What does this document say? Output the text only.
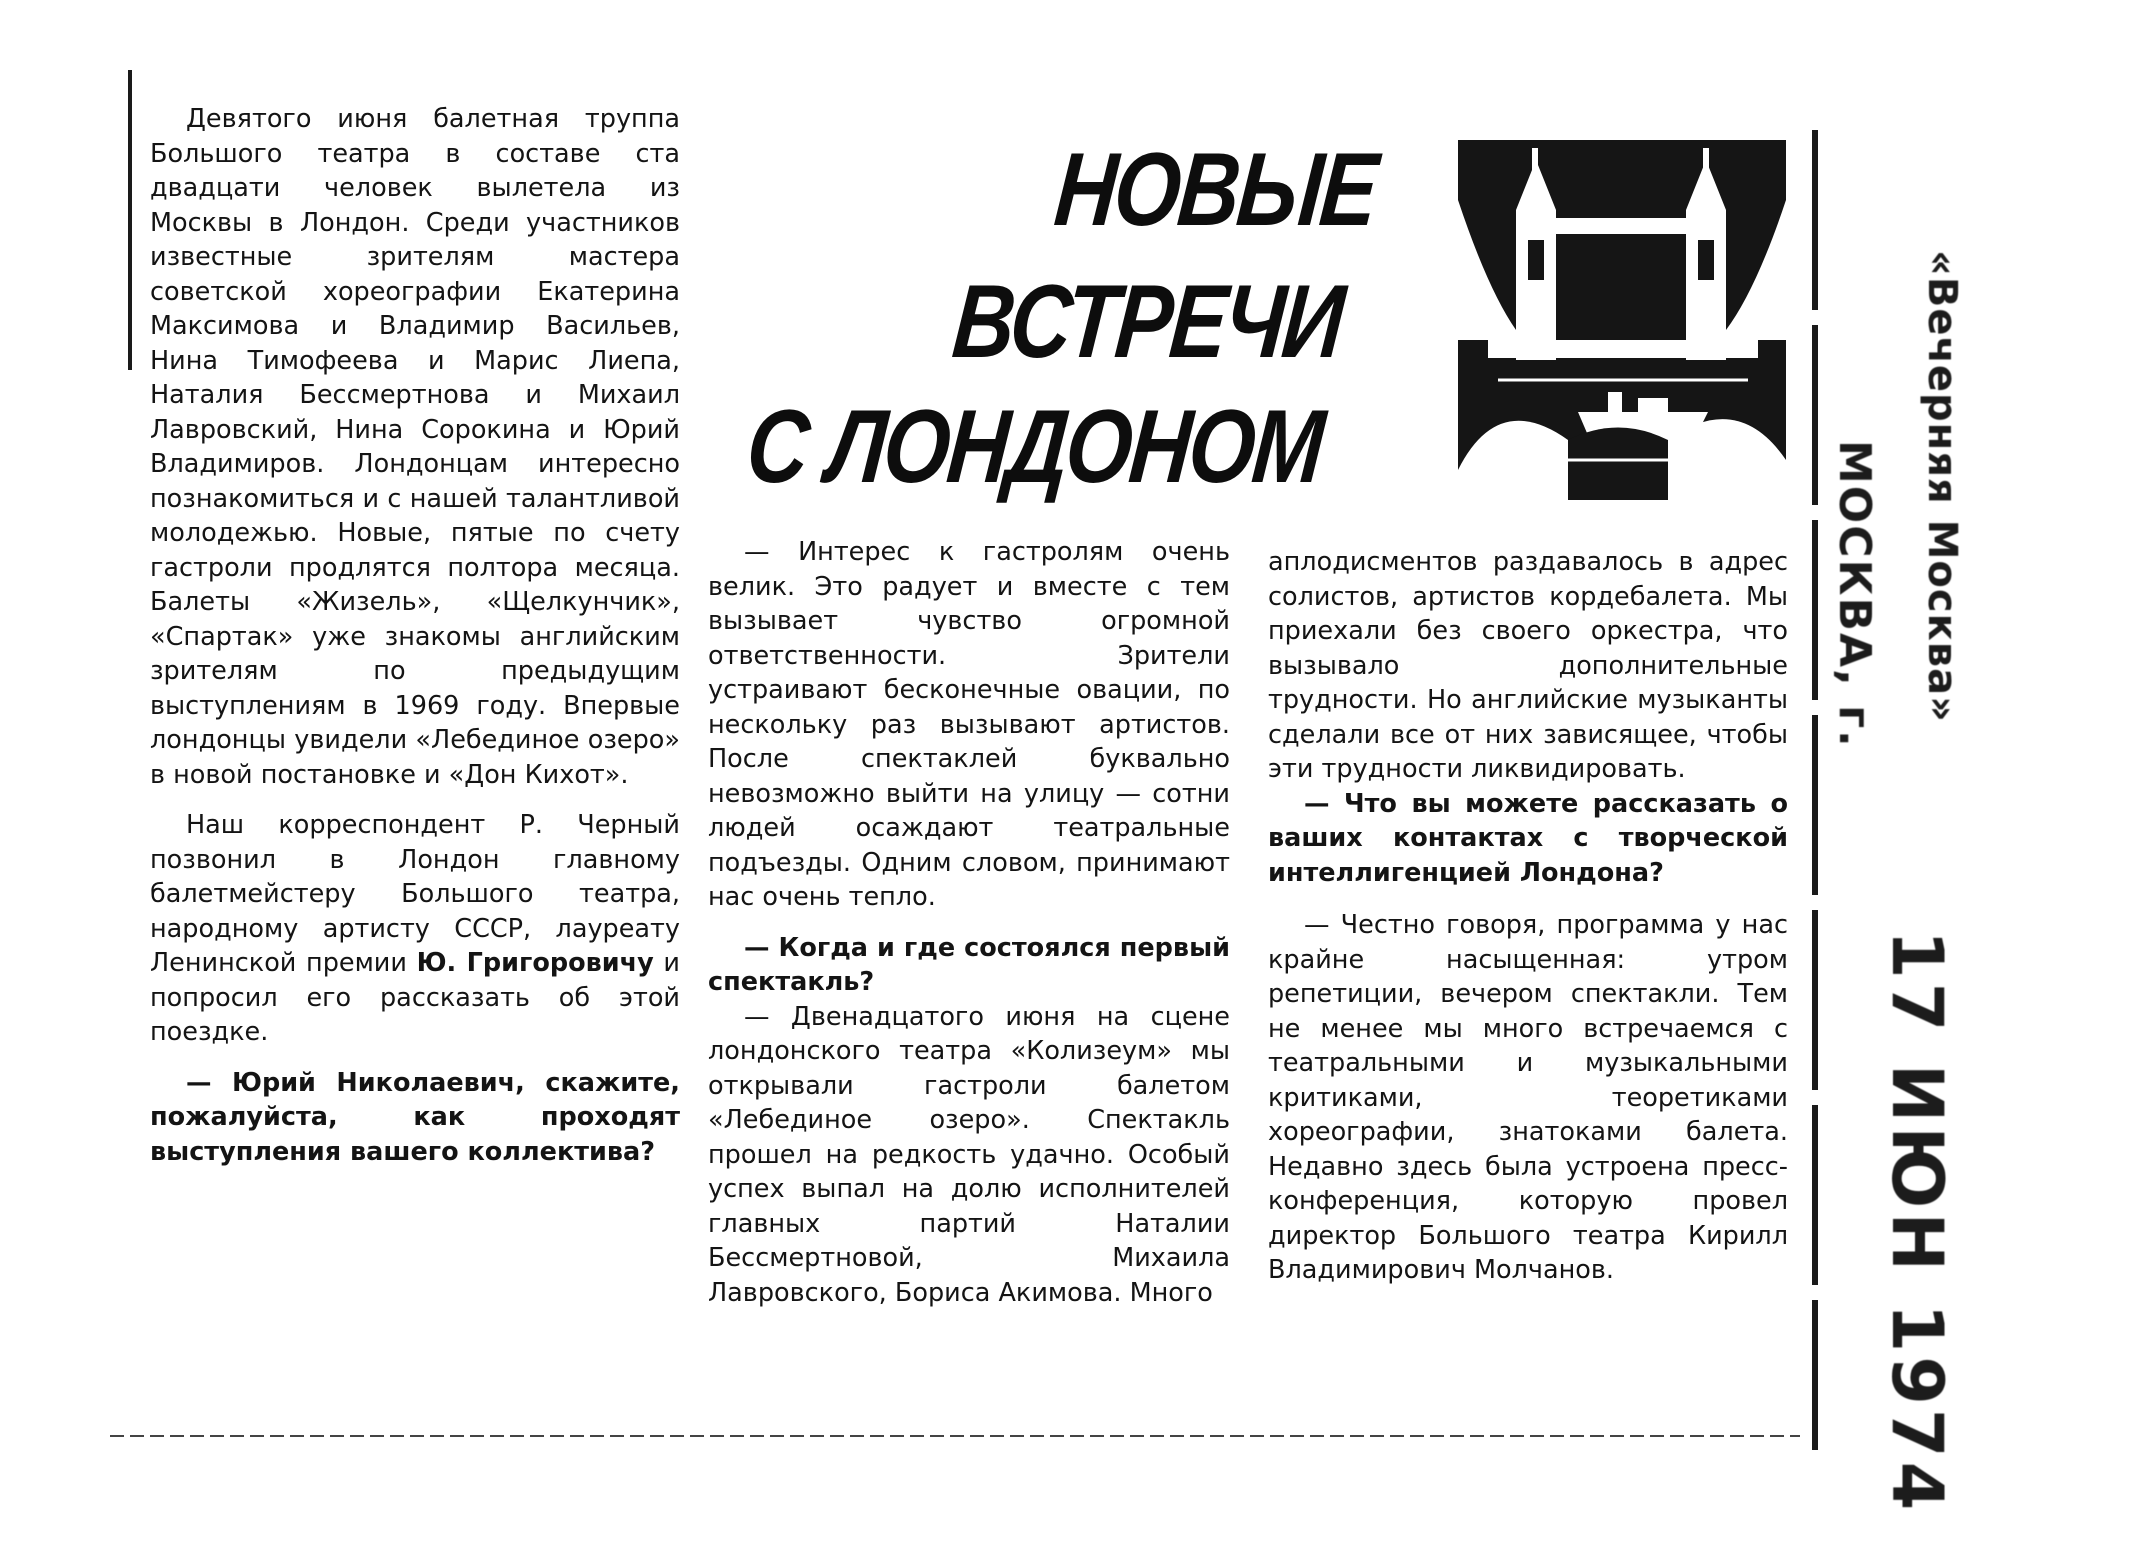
Девятого июня балетная труппа Большого театра в составе ста двадцати человек вылетела из Москвы в Лондон. Среди участников известные зрителям мастера советской хореографии Екатерина Максимова и Владимир Васильев, Нина Тимофеева и Марис Лиепа, Наталия Бессмертнова и Михаил Лавровский, Нина Сорокина и Юрий Владимиров. Лондонцам интересно познакомиться и с нашей талантливой молодежью. Новые, пятые по счету гастроли продлятся полтора месяца. Балеты «Жизель», «Щелкунчик», «Спартак» уже знакомы английским зрителям по предыдущим выступлениям в 1969 году. Впервые лондонцы увидели «Лебединое озеро» в новой постановке и «Дон Кихот».

Наш корреспондент Р. Черный позвонил в Лондон главному балетмейстеру Большого театра, народному артисту СССР, лауреату Ленинской премии Ю. Григоровичу и попросил его рассказать об этой поездке.

— Юрий Николаевич, скажите, пожалуйста, как проходят выступления вашего коллектива?

НОВЫЕ
ВСТРЕЧИ
С ЛОНДОНОМ

— Интерес к гастролям очень велик. Это радует и вместе с тем вызывает чувство огромной ответственности. Зрители устраивают бесконечные овации, по нескольку раз вызывают артистов. После спектаклей буквально невозможно выйти на улицу — сотни людей осаждают театральные подъезды. Одним словом, принимают нас очень тепло.

— Когда и где состоялся первый спектакль?

— Двенадцатого июня на сцене лондонского театра «Колизеум» мы открывали гастроли балетом «Лебединое озеро». Спектакль прошел на редкость удачно. Особый успех выпал на долю исполнителей главных партий Наталии Бессмертновой, Михаила Лавровского, Бориса Акимова. Много

аплодисментов раздавалось в адрес солистов, артистов кордебалета. Мы приехали без своего оркестра, что вызывало дополнительные трудности. Но английские музыканты сделали все от них зависящее, чтобы эти трудности ликвидировать.

— Что вы можете рассказать о ваших контактах с творческой интеллигенцией Лондона?

— Честно говоря, программа у нас крайне насыщенная: утром репетиции, вечером спектакли. Тем не менее мы много встречаемся с театральными и музыкальными критиками, теоретиками хореографии, знатоками балета. Недавно здесь была устроена пресс-конференция, которую провел директор Большого театра Кирилл Владимирович Молчанов.

МОСКВА, г. «Вечерняя Москва»
17 ИЮН 1974
